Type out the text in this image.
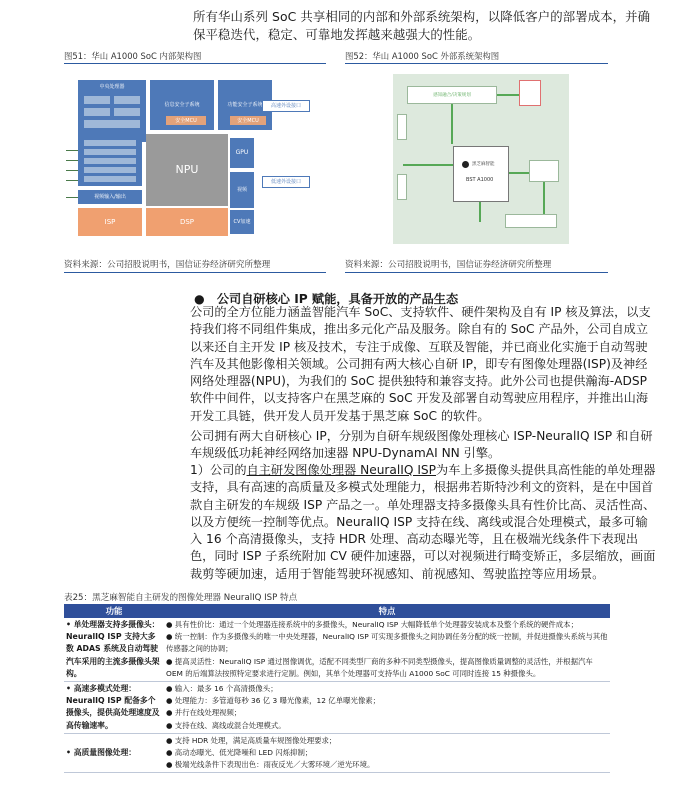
所有华山系列 SoC 共享相同的内部和外部系统架构，以降低客户的部署成本，并确保平稳迭代，稳定、可靠地发挥越来越强大的性能。
图51：华山 A1000 SoC 内部架构图	图52：华山 A1000 SoC 外部系统架构图
中央处理器
信息安全子系统	功能安全子系统
安全MCU	安全MCU
高速外设接口
NPU
GPU
视频
低速外设接口
视频输入/输出
ISP	DSP	CV加速
感知融合/决策规划
黑芝麻智能
BST A1000
资料来源：公司招股说明书，国信证券经济研究所整理	资料来源：公司招股说明书，国信证券经济研究所整理
●　公司自研核心 IP 赋能，具备开放的产品生态
公司的全方位能力涵盖智能汽车 SoC、支持软件、硬件架构及自有 IP 核及算法，以支持我们将不同组件集成，推出多元化产品及服务。除自有的 SoC 产品外，公司自成立以来还自主开发 IP 核及技术，专注于成像、互联及智能，并已商业化实施于自动驾驶汽车及其他影像相关领域。公司拥有两大核心自研 IP，即专有图像处理器(ISP)及神经网络处理器(NPU)，为我们的 SoC 提供独特和兼容支持。此外公司也提供瀚海-ADSP 软件中间件，以支持客户在黑芝麻的 SoC 开发及部署自动驾驶应用程序，并推出山海开发工具链，供开发人员开发基于黑芝麻 SoC 的软件。
公司拥有两大自研核心 IP，分别为自研车规级图像处理核心 ISP-NeuralIQ ISP 和自研车规级低功耗神经网络加速器 NPU-DynamAI NN 引擎。
1）公司的自主研发图像处理器 NeuralIQ ISP为车上多摄像头提供具高性能的单处理器支持，具有高速的高质量及多模式处理能力，根据弗若斯特沙利文的资料，是在中国首款自主研发的车规级 ISP 产品之一。单处理器支持多摄像头具有性价比高、灵活性高、以及方便统一控制等优点。NeuralIQ ISP 支持在线、离线或混合处理模式，最多可输入 16 个高清摄像头，支持 HDR 处理、高动态曝光等，且在极端光线条件下表现出色，同时 ISP 子系统附加 CV 硬件加速器，可以对视频进行畸变矫正，多层缩放，画面裁剪等硬加速，适用于智能驾驶环视感知、前视感知、驾驶监控等应用场景。
表25：黑芝麻智能自主研发的图像处理器 NeuralIQ ISP 特点
功能	特点
• 单处理器支持多摄像头：NeuralIQ ISP 支持大多数 ADAS 系统及自动驾驶汽车采用的主流多摄像头架构。	● 具有性价比：通过一个处理器连接系统中的多摄像头，NeuralIQ ISP 大幅降低单个处理器安装成本及整个系统的硬件成本；
● 统一控制：作为多摄像头的唯一中央处理器，NeuralIQ ISP 可实现多摄像头之间协调任务分配的统一控制，并促进摄像头系统与其他传感器之间的协调；
● 提高灵活性：NeuralIQ ISP 通过图像调优，适配不同类型厂商的多种不同类型摄像头，提高图像质量调整的灵活性，并根据汽车 OEM 的后端算法按照特定要求进行定制。例如，其单个处理器可支持华山 A1000 SoC 可同时连接 15 种摄像头。

• 高速多模式处理：NeuralIQ ISP 配备多个摄像头，提供高处理速度及高传输速率。	● 输入：最多 16 个高清摄像头；
● 处理能力：多管道每秒 36 亿 3 曝光像素，12 亿单曝光像素；
● 并行在线处理视频；
● 支持在线、离线或混合处理模式。

• 高质量图像处理：	● 支持 HDR 处理，满足高质量车规图像处理要求；
● 高动态曝光、低光降噪和 LED 闪烁抑制；
● 极端光线条件下表现出色：雨夜反光／大雾环境／逆光环境。
